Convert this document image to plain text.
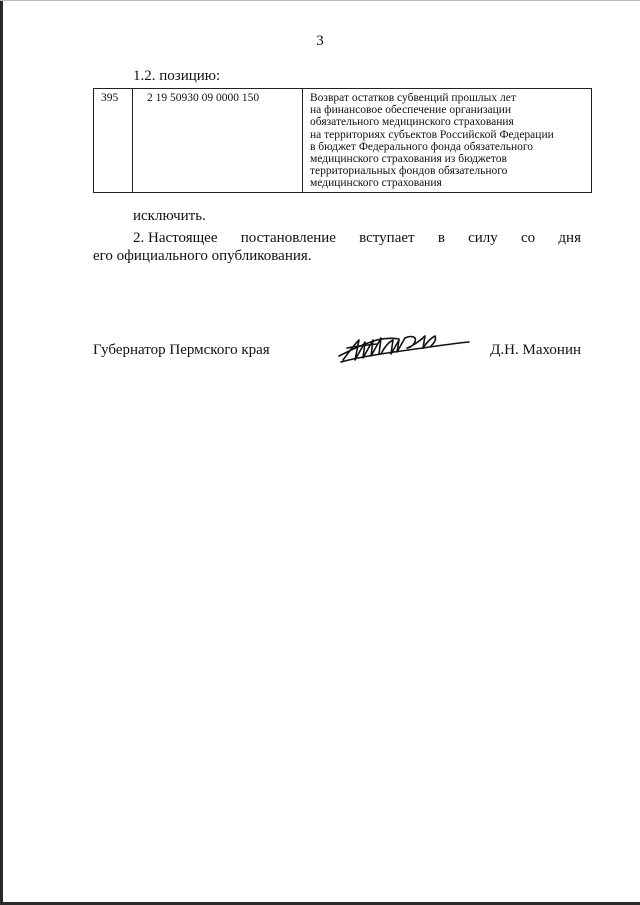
3
1.2. позицию:
395	2 19 50930 09 0000 150	Возврат остатков субвенций прошлых лет
на финансовое обеспечение организации
обязательного медицинского страхования
на территориях субъектов Российской Федерации
в бюджет Федерального фонда обязательного
медицинского страхования из бюджетов
территориальных фондов обязательного
медицинского страхования
исключить.
2. Настоящее постановление вступает в силу со дня
его официального опубликования.
Губернатор Пермского края	Д.Н. Махонин
